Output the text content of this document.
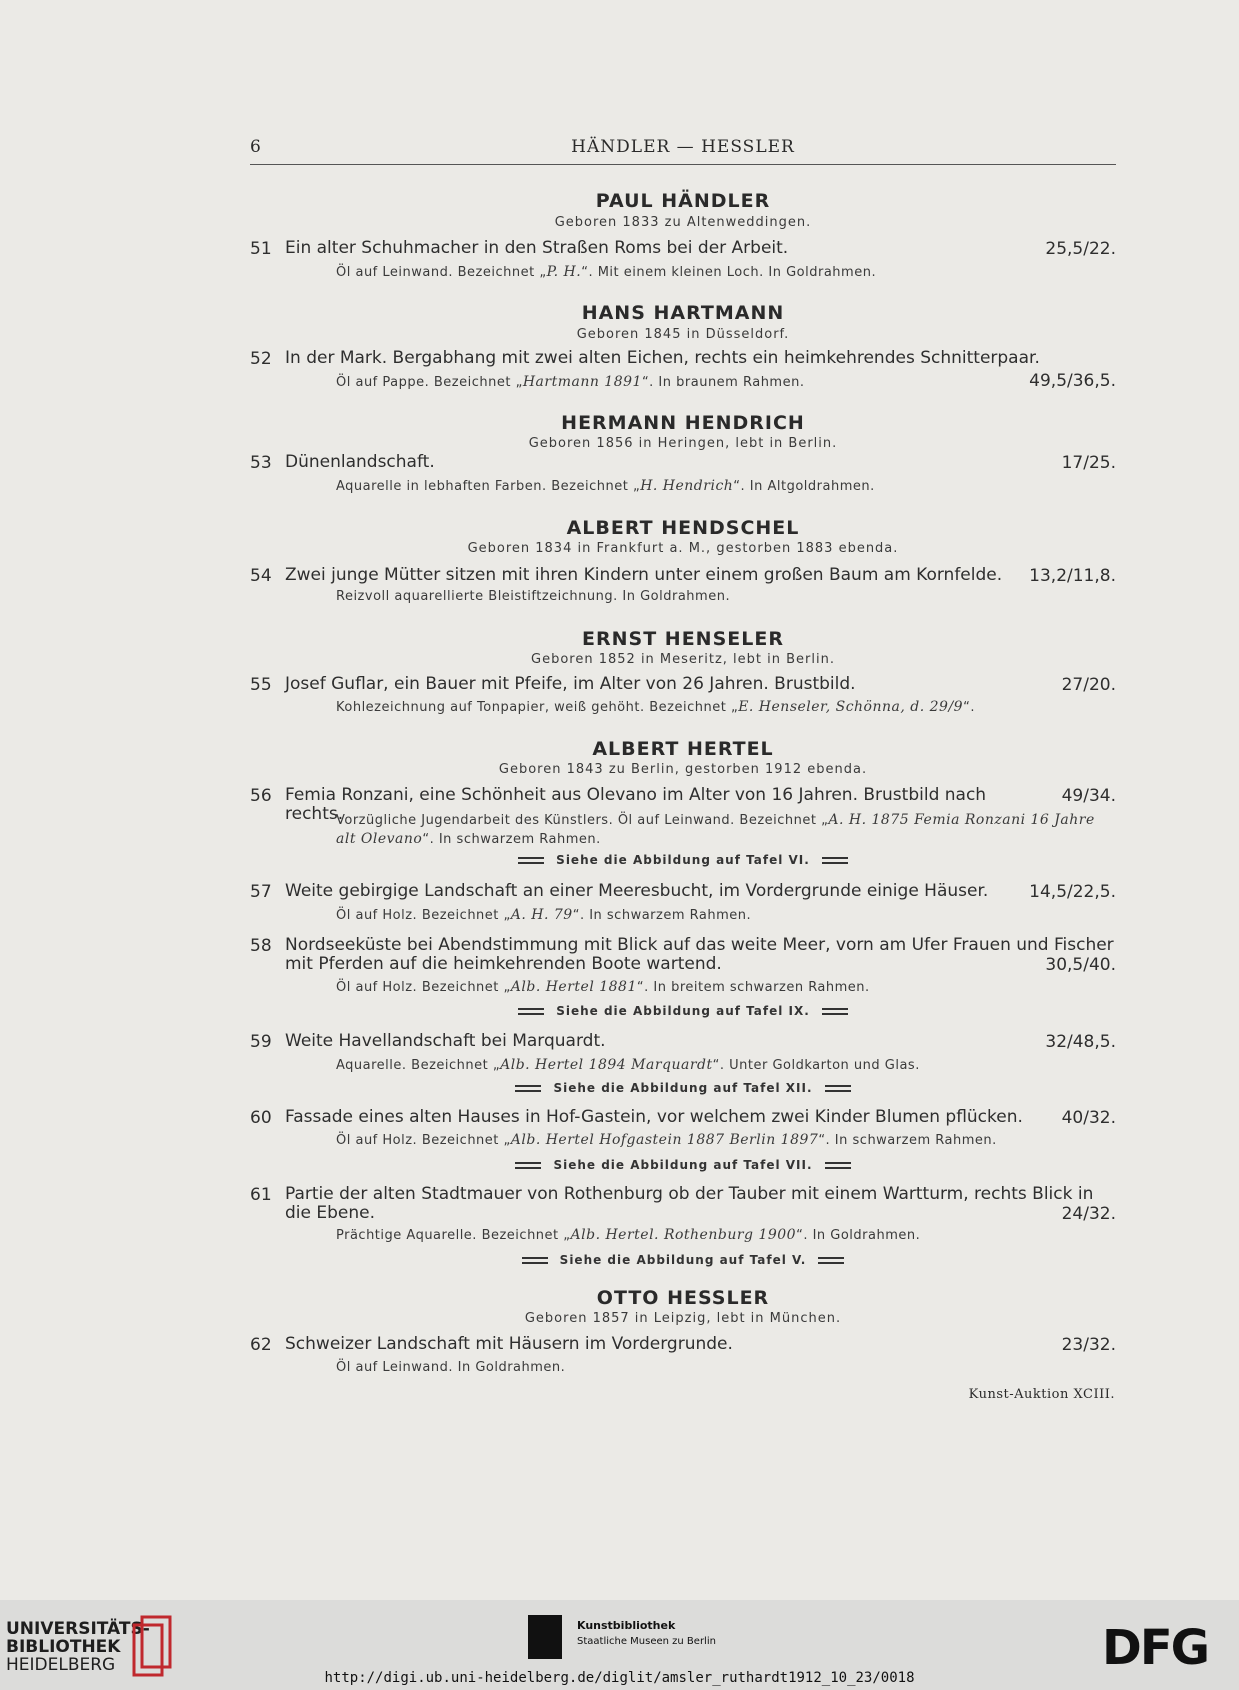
6	HÄNDLER — HESSLER
PAUL HÄNDLER
Geboren 1833 zu Altenweddingen.
51 Ein alter Schuhmacher in den Straßen Roms bei der Arbeit.	25,5/22.
Öl auf Leinwand. Bezeichnet „P. H.“. Mit einem kleinen Loch. In Goldrahmen.
HANS HARTMANN
Geboren 1845 in Düsseldorf.
52 In der Mark. Bergabhang mit zwei alten Eichen, rechts ein heimkehrendes Schnitterpaar.
49,5/36,5.
Öl auf Pappe. Bezeichnet „Hartmann 1891“. In braunem Rahmen.
HERMANN HENDRICH
Geboren 1856 in Heringen, lebt in Berlin.
53 Dünenlandschaft.	17/25.
Aquarelle in lebhaften Farben. Bezeichnet „H. Hendrich“. In Altgoldrahmen.
ALBERT HENDSCHEL
Geboren 1834 in Frankfurt a. M., gestorben 1883 ebenda.
54 Zwei junge Mütter sitzen mit ihren Kindern unter einem großen Baum am Kornfelde.	13,2/11,8.
Reizvoll aquarellierte Bleistiftzeichnung. In Goldrahmen.
ERNST HENSELER
Geboren 1852 in Meseritz, lebt in Berlin.
55 Josef Guflar, ein Bauer mit Pfeife, im Alter von 26 Jahren. Brustbild.	27/20.
Kohlezeichnung auf Tonpapier, weiß gehöht. Bezeichnet „E. Henseler, Schönna, d. 29/9“.
ALBERT HERTEL
Geboren 1843 zu Berlin, gestorben 1912 ebenda.
56 Femia Ronzani, eine Schönheit aus Olevano im Alter von 16 Jahren. Brustbild nach rechts.
49/34.
Vorzügliche Jugendarbeit des Künstlers. Öl auf Leinwand. Bezeichnet „A. H. 1875 Femia Ronzani 16 Jahre alt Olevano“. In schwarzem Rahmen.
Siehe die Abbildung auf Tafel VI.
57 Weite gebirgige Landschaft an einer Meeresbucht, im Vordergrunde einige Häuser.	14,5/22,5.
Öl auf Holz. Bezeichnet „A. H. 79“. In schwarzem Rahmen.
58 Nordseeküste bei Abendstimmung mit Blick auf das weite Meer, vorn am Ufer Frauen und Fischer mit Pferden auf die heimkehrenden Boote wartend.	30,5/40.
Öl auf Holz. Bezeichnet „Alb. Hertel 1881“. In breitem schwarzen Rahmen.
Siehe die Abbildung auf Tafel IX.
59 Weite Havellandschaft bei Marquardt.	32/48,5.
Aquarelle. Bezeichnet „Alb. Hertel 1894 Marquardt“. Unter Goldkarton und Glas.
Siehe die Abbildung auf Tafel XII.
60 Fassade eines alten Hauses in Hof-Gastein, vor welchem zwei Kinder Blumen pflücken.	40/32.
Öl auf Holz. Bezeichnet „Alb. Hertel Hofgastein 1887 Berlin 1897“. In schwarzem Rahmen.
Siehe die Abbildung auf Tafel VII.
61 Partie der alten Stadtmauer von Rothenburg ob der Tauber mit einem Wartturm, rechts Blick in die Ebene.	24/32.
Prächtige Aquarelle. Bezeichnet „Alb. Hertel. Rothenburg 1900“. In Goldrahmen.
Siehe die Abbildung auf Tafel V.
OTTO HESSLER
Geboren 1857 in Leipzig, lebt in München.
62 Schweizer Landschaft mit Häusern im Vordergrunde.	23/32.
Öl auf Leinwand. In Goldrahmen.
Kunst-Auktion XCIII.
UNIVERSITÄTS-
BIBLIOTHEK
HEIDELBERG
Kunstbibliothek
Staatliche Museen zu Berlin	DFG
http://digi.ub.uni-heidelberg.de/diglit/amsler_ruthardt1912_10_23/0018
